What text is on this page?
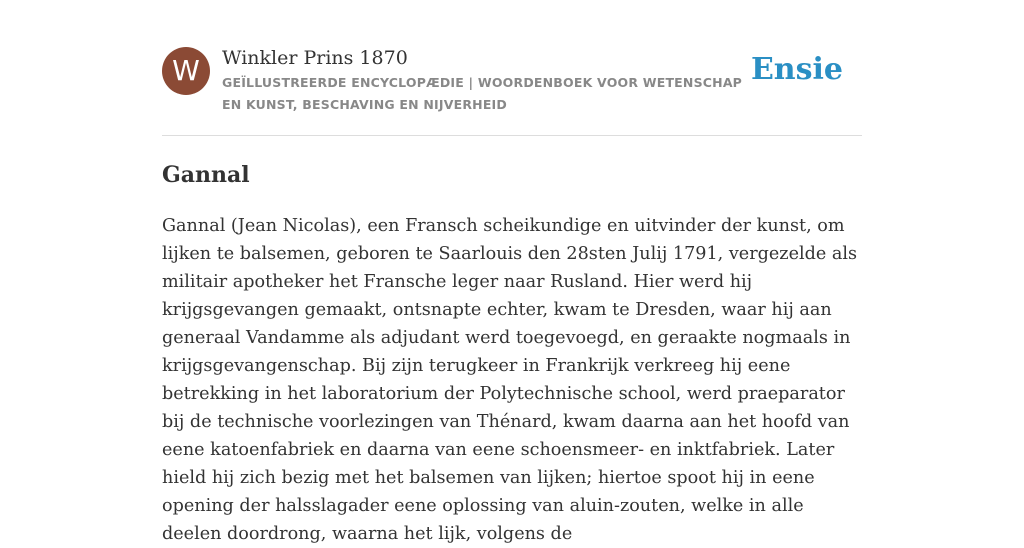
W	Winkler Prins 1870
GEÏLLUSTREERDE ENCYCLOPÆDIE | WOORDENBOEK VOOR WETENSCHAP EN KUNST, BESCHAVING EN NIJVERHEID
Ensie
Gannal

Gannal (Jean Nicolas), een Fransch scheikundige en uitvinder der kunst, om lijken te balsemen, geboren te Saarlouis den 28sten Julij 1791, vergezelde als militair apotheker het Fransche leger naar Rusland. Hier werd hij krijgsgevangen gemaakt, ontsnapte echter, kwam te Dresden, waar hij aan generaal Vandamme als adjudant werd toegevoegd, en geraakte nogmaals in krijgsgevangenschap. Bij zijn terugkeer in Frankrijk verkreeg hij eene betrekking in het laboratorium der Polytechnische school, werd praeparator bij de technische voorlezingen van Thénard, kwam daarna aan het hoofd van eene katoenfabriek en daarna van eene schoensmeer- en inktfabriek. Later hield hij zich bezig met het balsemen van lijken; hiertoe spoot hij in eene opening der halsslagader eene oplossing van aluin-zouten, welke in alle deelen doordrong, waarna het lijk, volgens de
